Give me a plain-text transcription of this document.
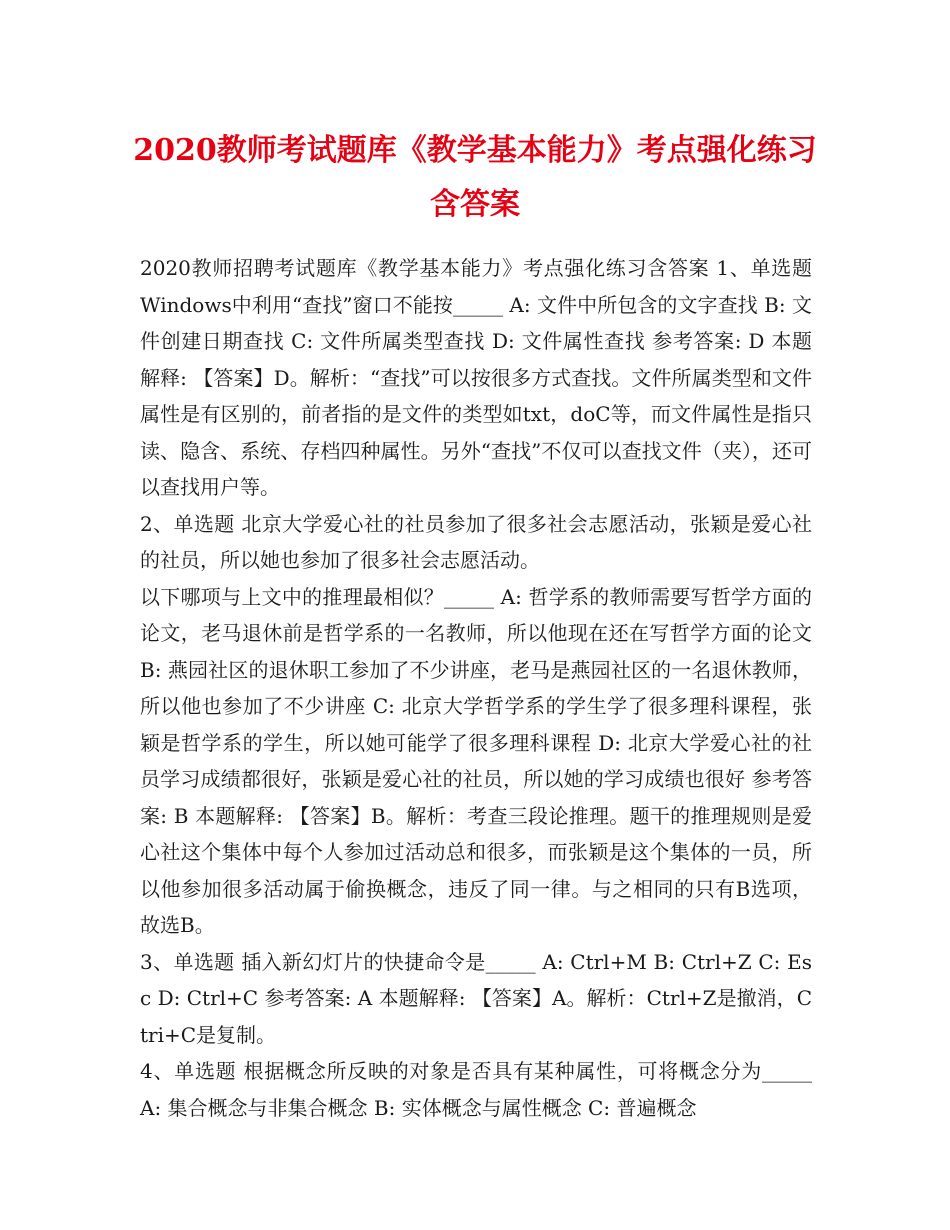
2020教师考试题库《教学基本能力》考点强化练习含答案

2020教师招聘考试题库《教学基本能力》考点强化练习含答案 1、单选题 Windows中利用“查找”窗口不能按_____ A: 文件中所包含的文字查找 B: 文件创建日期查找 C: 文件所属类型查找 D: 文件属性查找 参考答案: D 本题解释: 【答案】D。解析：“查找”可以按很多方式查找。文件所属类型和文件属性是有区别的，前者指的是文件的类型如txt，doC等，而文件属性是指只读、隐含、系统、存档四种属性。另外“查找”不仅可以查找文件（夹），还可以查找用户等。

2、单选题 北京大学爱心社的社员参加了很多社会志愿活动，张颖是爱心社的社员，所以她也参加了很多社会志愿活动。

以下哪项与上文中的推理最相似？_____ A: 哲学系的教师需要写哲学方面的论文，老马退休前是哲学系的一名教师，所以他现在还在写哲学方面的论文 B: 燕园社区的退休职工参加了不少讲座，老马是燕园社区的一名退休教师，所以他也参加了不少讲座 C: 北京大学哲学系的学生学了很多理科课程，张颖是哲学系的学生，所以她可能学了很多理科课程 D: 北京大学爱心社的社员学习成绩都很好，张颖是爱心社的社员，所以她的学习成绩也很好 参考答案: B 本题解释: 【答案】B。解析：考查三段论推理。题干的推理规则是爱心社这个集体中每个人参加过活动总和很多，而张颖是这个集体的一员，所以他参加很多活动属于偷换概念，违反了同一律。与之相同的只有B选项，故选B。

3、单选题 插入新幻灯片的快捷命令是_____ A: Ctrl+M B: Ctrl+Z C: Esc D: Ctrl+C 参考答案: A 本题解释: 【答案】A。解析：Ctrl+Z是撤消，Ctri+C是复制。

4、单选题 根据概念所反映的对象是否具有某种属性，可将概念分为_____ A: 集合概念与非集合概念 B: 实体概念与属性概念 C: 普遍概念
